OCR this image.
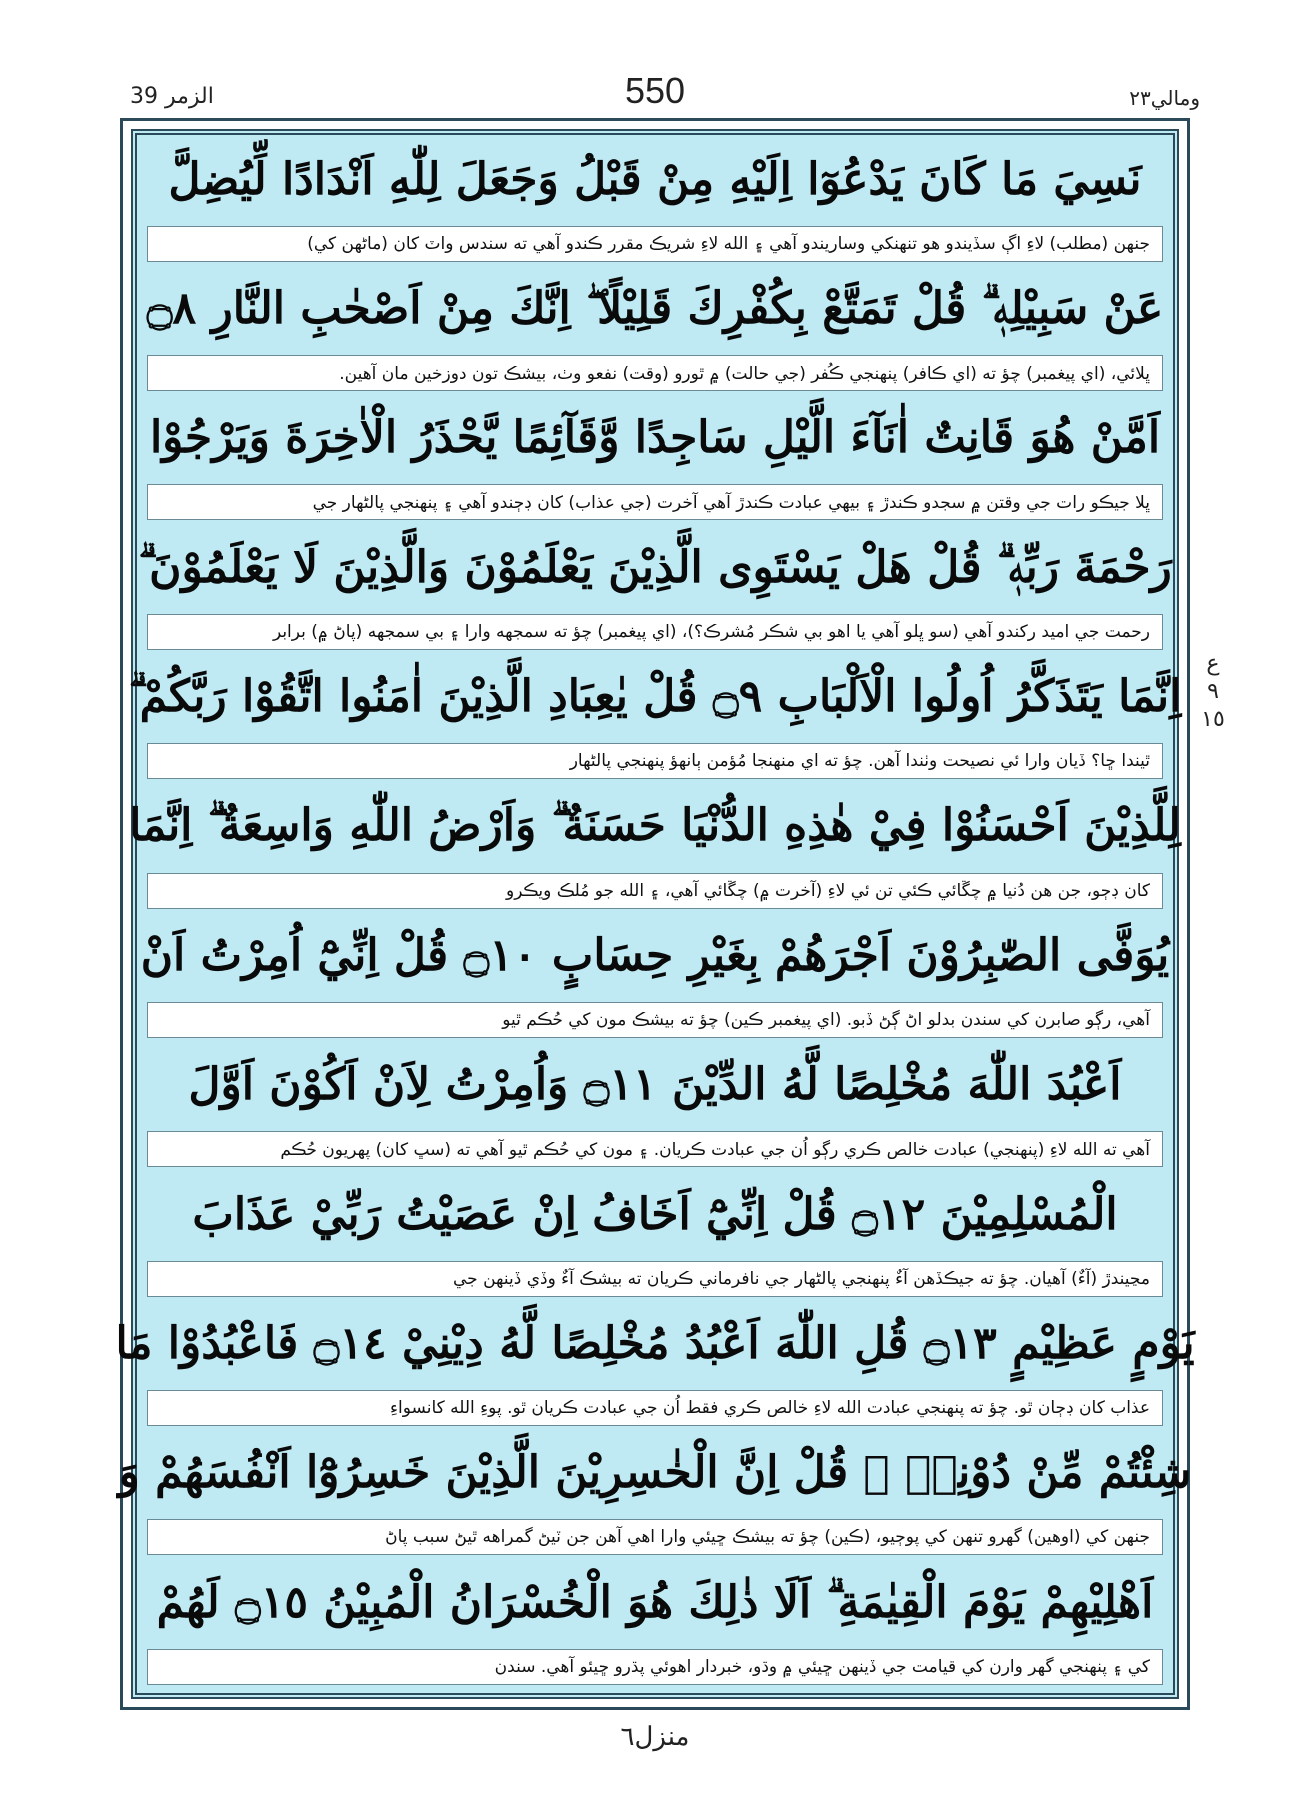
الزمر 39	550	ومالي٢٣
نَسِيَ مَا كَانَ يَدْعُوٓا اِلَيْهِ مِنْ قَبْلُ وَجَعَلَ لِلّٰهِ اَنْدَادًا لِّيُضِلَّ
جنهن (مطلب) لاءِ اڳ سڏيندو هو تنهنکي وساريندو آهي ۽ الله لاءِ شريڪ مقرر ڪندو آهي ته سندس واٽ کان (ماڻهن کي)
عَنْ سَبِيْلِهٖ ۗ قُلْ تَمَتَّعْ بِكُفْرِكَ قَلِيْلًا ۖ اِنَّكَ مِنْ اَصْحٰبِ النَّارِ ۝٨
ڀلائي، (اي پيغمبر) چؤ ته (اي ڪافر) پنهنجي ڪُفر (جي حالت) ۾ ٿورو (وقت) نفعو وٺ، بيشڪ تون دوزخين مان آهين.
اَمَّنْ هُوَ قَانِتٌ اٰنَآءَ الَّيْلِ سَاجِدًا وَّقَآئِمًا يَّحْذَرُ الْاٰخِرَةَ وَيَرْجُوْا
ڀلا جيڪو رات جي وقتن ۾ سجدو ڪندڙ ۽ بيهي عبادت ڪندڙ آهي آخرت (جي عذاب) کان ڊڄندو آهي ۽ پنهنجي پالڻهار جي
رَحْمَةَ رَبِّهٖ ۗ قُلْ هَلْ يَسْتَوِى الَّذِيْنَ يَعْلَمُوْنَ وَالَّذِيْنَ لَا يَعْلَمُوْنَ ۗ
رحمت جي اميد رکندو آهي (سو ڀلو آهي يا اهو بي شڪر مُشرڪ؟)، (اي پيغمبر) چؤ ته سمجهه وارا ۽ بي سمجهه (پاڻ ۾) برابر
اِنَّمَا يَتَذَكَّرُ اُولُوا الْاَلْبَابِ ۝٩ قُلْ يٰعِبَادِ الَّذِيْنَ اٰمَنُوا اتَّقُوْا رَبَّكُمْ ۗ
ٿيندا ڇا؟ ڏيان وارا ئي نصيحت وٺندا آهن. چؤ ته اي منهنجا مُؤمن ٻانهؤ پنهنجي پالڻهار
لِلَّذِيْنَ اَحْسَنُوْا فِيْ هٰذِهِ الدُّنْيَا حَسَنَةٌ ۗ وَاَرْضُ اللّٰهِ وَاسِعَةٌ ۗ اِنَّمَا
کان ڊڄو، جن هن دُنيا ۾ چڱائي ڪئي تن ئي لاءِ (آخرت ۾) چڱائي آهي، ۽ الله جو مُلڪ ويڪرو
يُوَفَّى الصّٰبِرُوْنَ اَجْرَهُمْ بِغَيْرِ حِسَابٍ ۝١٠ قُلْ اِنِّيْٓ اُمِرْتُ اَنْ
آهي، رڳو صابرن کي سندن بدلو اڻ ڳڻ ڏبو. (اي پيغمبر ڪين) چؤ ته بيشڪ مون کي حُڪم ٿيو
اَعْبُدَ اللّٰهَ مُخْلِصًا لَّهُ الدِّيْنَ ۝١١ وَاُمِرْتُ لِاَنْ اَكُوْنَ اَوَّلَ
آهي ته الله لاءِ (پنهنجي) عبادت خالص ڪري رڳو اُن جي عبادت ڪريان. ۽ مون کي حُڪم ٿيو آهي ته (سڀ کان) پهريون حُڪم
الْمُسْلِمِيْنَ ۝١٢ قُلْ اِنِّيْٓ اَخَافُ اِنْ عَصَيْتُ رَبِّيْ عَذَابَ
مڃيندڙ (آءٌ) آهيان. چؤ ته جيڪڏهن آءٌ پنهنجي پالڻهار جي نافرماني ڪريان ته بيشڪ آءٌ وڏي ڏينهن جي
يَوْمٍ عَظِيْمٍ ۝١٣ قُلِ اللّٰهَ اَعْبُدُ مُخْلِصًا لَّهُ دِيْنِيْ ۝١٤ فَاعْبُدُوْا مَا
عذاب کان ڊڄان ٿو. چؤ ته پنهنجي عبادت الله لاءِ خالص ڪري فقط اُن جي عبادت ڪريان ٿو. پوءِ الله کانسواءِ
شِئْتُمْ مِّنْ دُوْنِهٖ ۗ قُلْ اِنَّ الْخٰسِرِيْنَ الَّذِيْنَ خَسِرُوْٓا اَنْفُسَهُمْ وَ
جنهن کي (اوهين) گهرو تنهن کي پوڄيو، (ڪين) چؤ ته بيشڪ ڇيئي وارا اهي آهن جن ٽيڻ گمراهه ٿيڻ سبب پاڻ
اَهْلِيْهِمْ يَوْمَ الْقِيٰمَةِ ۗ اَلَا ذٰلِكَ هُوَ الْخُسْرَانُ الْمُبِيْنُ ۝١٥ لَهُمْ
کي ۽ پنهنجي گهر وارن کي قيامت جي ڏينهن ڇيئي ۾ وڌو، خبردار اهوئي پڌرو ڇيئو آهي. سندن
ع
٩ ١٥
منزل٦
